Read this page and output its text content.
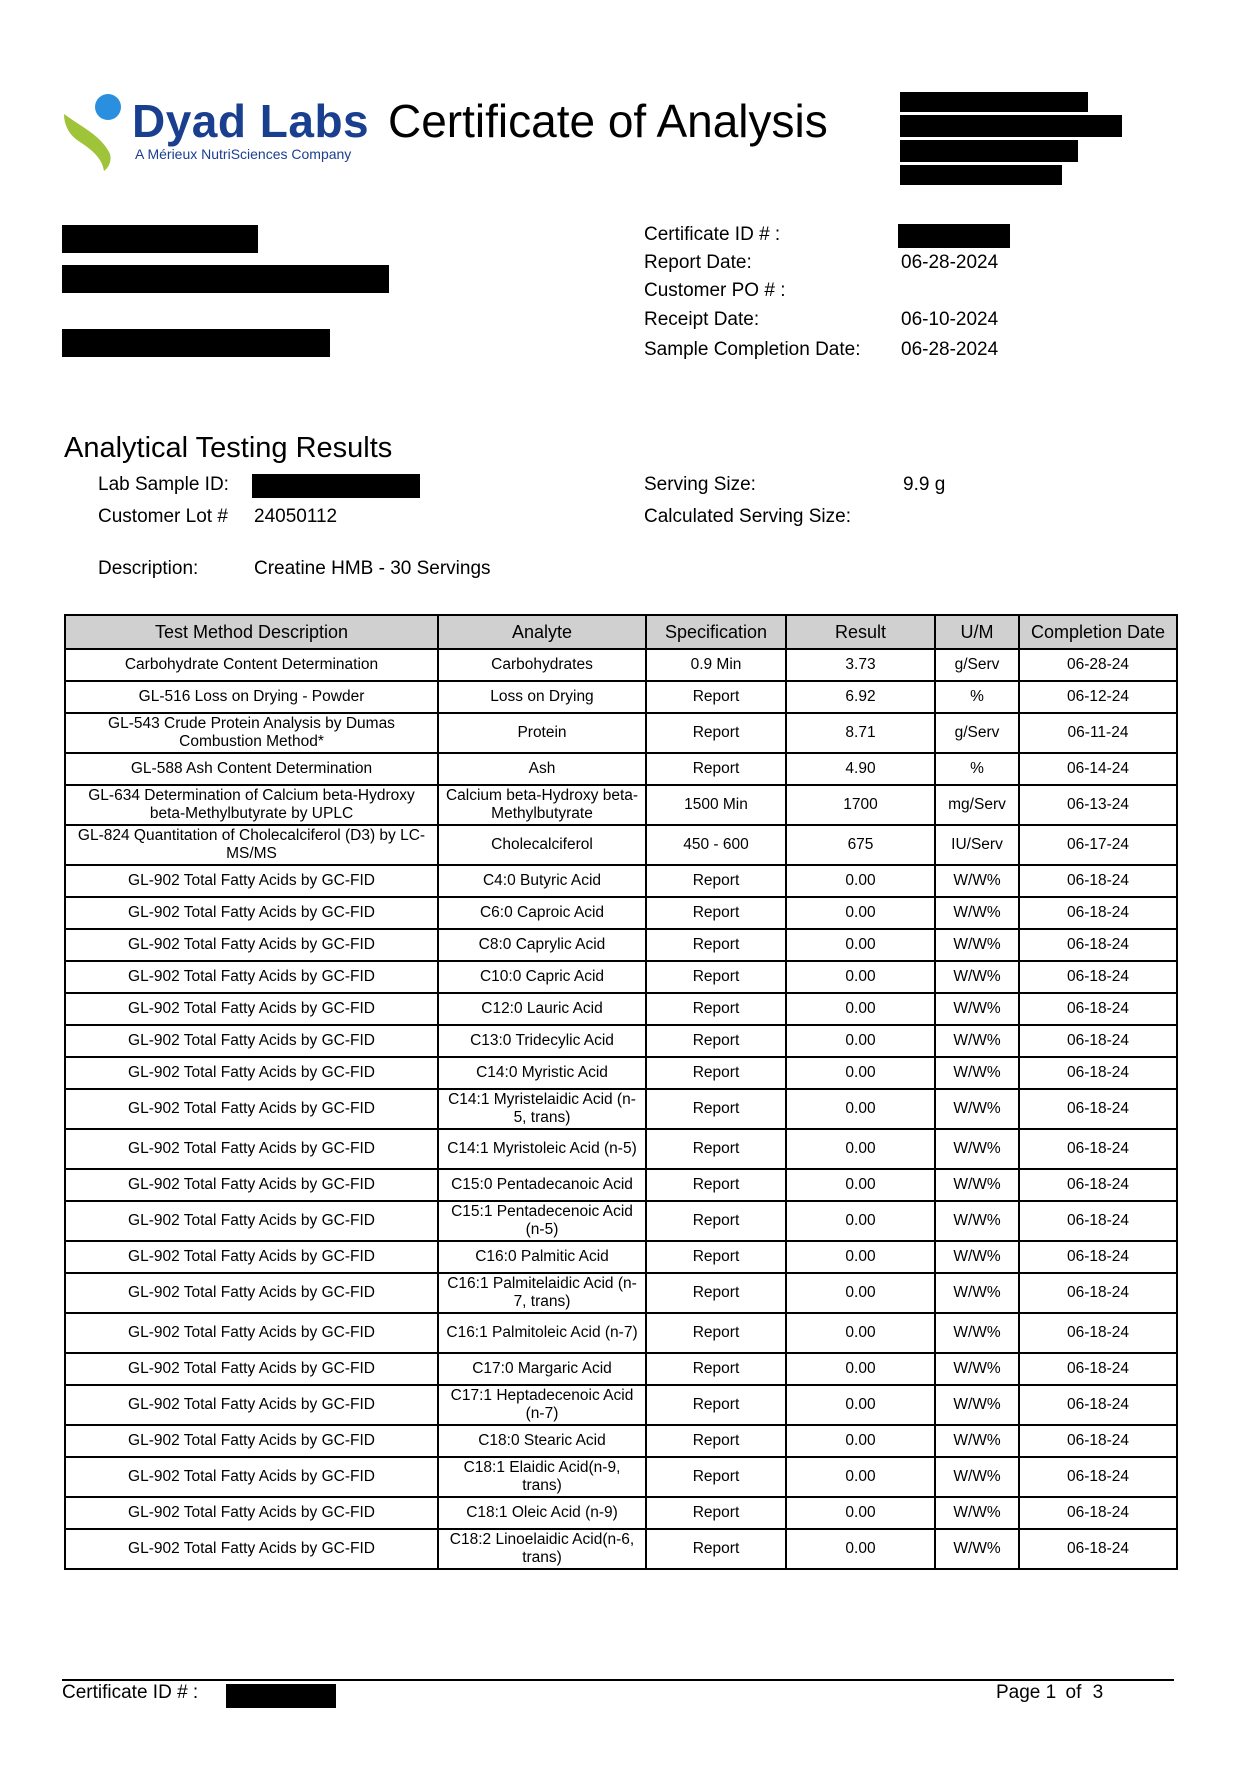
Dyad Labs
A Mérieux NutriSciences Company
Certificate of Analysis
Certificate ID # :
Report Date:	06-28-2024
Customer PO # :
Receipt Date:	06-10-2024
Sample Completion Date: 06-28-2024
Analytical Testing Results
Lab Sample ID:
Customer Lot # 24050112
Serving Size:	9.9 g
Calculated Serving Size:
Description:	Creatine HMB - 30 Servings
Test Method Description	Analyte	Specification	Result	U/M	Completion Date
Carbohydrate Content Determination	Carbohydrates	0.9 Min	3.73	g/Serv	06-28-24
GL-516 Loss on Drying - Powder	Loss on Drying	Report	6.92	%	06-12-24
GL-543 Crude Protein Analysis by Dumas Combustion Method*	Protein	Report	8.71	g/Serv	06-11-24
GL-588 Ash Content Determination	Ash	Report	4.90	%	06-14-24
GL-634 Determination of Calcium beta-Hydroxy beta-Methylbutyrate by UPLC	Calcium beta-Hydroxy beta-Methylbutyrate	1500 Min	1700	mg/Serv	06-13-24
GL-824 Quantitation of Cholecalciferol (D3) by LC-MS/MS	Cholecalciferol	450 - 600	675	IU/Serv	06-17-24
GL-902 Total Fatty Acids by GC-FID	C4:0 Butyric Acid	Report	0.00	W/W%	06-18-24
GL-902 Total Fatty Acids by GC-FID	C6:0 Caproic Acid	Report	0.00	W/W%	06-18-24
GL-902 Total Fatty Acids by GC-FID	C8:0 Caprylic Acid	Report	0.00	W/W%	06-18-24
GL-902 Total Fatty Acids by GC-FID	C10:0 Capric Acid	Report	0.00	W/W%	06-18-24
GL-902 Total Fatty Acids by GC-FID	C12:0 Lauric Acid	Report	0.00	W/W%	06-18-24
GL-902 Total Fatty Acids by GC-FID	C13:0 Tridecylic Acid	Report	0.00	W/W%	06-18-24
GL-902 Total Fatty Acids by GC-FID	C14:0 Myristic Acid	Report	0.00	W/W%	06-18-24
GL-902 Total Fatty Acids by GC-FID	C14:1 Myristelaidic Acid (n-5, trans)	Report	0.00	W/W%	06-18-24
GL-902 Total Fatty Acids by GC-FID	C14:1 Myristoleic Acid (n-5)	Report	0.00	W/W%	06-18-24
GL-902 Total Fatty Acids by GC-FID	C15:0 Pentadecanoic Acid	Report	0.00	W/W%	06-18-24
GL-902 Total Fatty Acids by GC-FID	C15:1 Pentadecenoic Acid (n-5)	Report	0.00	W/W%	06-18-24
GL-902 Total Fatty Acids by GC-FID	C16:0 Palmitic Acid	Report	0.00	W/W%	06-18-24
GL-902 Total Fatty Acids by GC-FID	C16:1 Palmitelaidic Acid (n-7, trans)	Report	0.00	W/W%	06-18-24
GL-902 Total Fatty Acids by GC-FID	C16:1 Palmitoleic Acid (n-7)	Report	0.00	W/W%	06-18-24
GL-902 Total Fatty Acids by GC-FID	C17:0 Margaric Acid	Report	0.00	W/W%	06-18-24
GL-902 Total Fatty Acids by GC-FID	C17:1 Heptadecenoic Acid (n-7)	Report	0.00	W/W%	06-18-24
GL-902 Total Fatty Acids by GC-FID	C18:0 Stearic Acid	Report	0.00	W/W%	06-18-24
GL-902 Total Fatty Acids by GC-FID	C18:1 Elaidic Acid(n-9, trans)	Report	0.00	W/W%	06-18-24
GL-902 Total Fatty Acids by GC-FID	C18:1 Oleic Acid (n-9)	Report	0.00	W/W%	06-18-24
GL-902 Total Fatty Acids by GC-FID	C18:2 Linoelaidic Acid(n-6, trans)	Report	0.00	W/W%	06-18-24
Certificate ID # :	Page 1 of 3
